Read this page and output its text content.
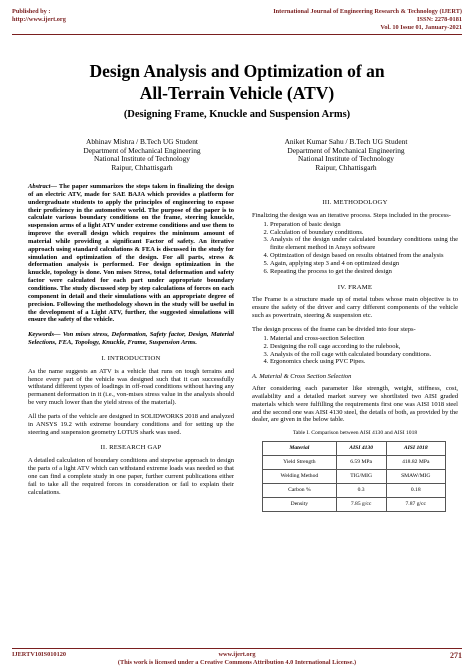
Published by :
http://www.ijert.org
International Journal of Engineering Research & Technology (IJERT)
ISSN: 2278-0181
Vol. 10 Issue 01, January-2021
Design Analysis and Optimization of an
All-Terrain Vehicle (ATV)
(Designing Frame, Knuckle and Suspension Arms)
Abhinav Mishra / B.Tech UG Student
Department of Mechanical Engineering
National Institute of Technology
Raipur, Chhattisgarh
Aniket Kumar Sahu / B.Tech UG Student
Department of Mechanical Engineering
National Institute of Technology
Raipur, Chhattisgarh
Abstract— The paper summarizes the steps taken in finalizing the design of an electric ATV, made for SAE BAJA which provides a platform for undergraduate students to apply the principles of engineering to expose their proficiency in the automotive world. The purpose of the paper is to calculate various boundary conditions on the frame, steering knuckle, suspension arms of a light ATV under extreme conditions and use them to improve the overall design which requires the minimum amount of material while providing a significant Factor of safety. An iterative approach using standard calculations & FEA is discussed in the study for simulation and optimization of the design. For all parts, stress & deformation analysis is performed. For design optimization in the knuckle, topology is done. Von mises Stress, total deformation and safety factor were calculated for each part under appropriate boundary conditions. The study discussed step by step calculations of forces on each component in detail and their simulations with an appropriate degree of precision. Following the methodology shown in the study will be useful in the development of a Light ATV, further, the suggested simulations will ensure the safety of the vehicle.
Keywords— Von mises stress, Deformation, Safety factor, Design, Material Selections, FEA, Topology, Knuckle, Frame, Suspension Arms.
I. INTRODUCTION
As the name suggests an ATV is a vehicle that runs on tough terrains and hence every part of the vehicle was designed such that it can successfully withstand different types of loadings in off-road conditions without having any permanent deformation in it (i.e., von-mises stress value in the analysis should be very much lower than the yield stress of the material).
All the parts of the vehicle are designed in SOLIDWORKS 2018 and analyzed in ANSYS 19.2 with extreme boundary conditions and for setting up the steering and suspension geometry LOTUS shark was used.
II. RESEARCH GAP
A detailed calculation of boundary conditions and stepwise approach to design the parts of a light ATV which can withstand extreme loads was needed so that one can find a complete study in one paper, further current publications either fail to take all the required forces in consideration or fail to explain their calculations.
III. METHODOLOGY
Finalizing the design was an iterative process. Steps included in the process-
1. Preparation of basic design
2. Calculation of boundary conditions.
3. Analysis of the design under calculated boundary conditions using the finite element method in Ansys software
4. Optimization of design based on results obtained from the analysis
5. Again, applying step 3 and 4 on optimized design
6. Repeating the process to get the desired design
IV. FRAME
The Frame is a structure made up of metal tubes whose main objective is to ensure the safety of the driver and carry different components of the vehicle such as powertrain, steering & suspension etc.
The design process of the frame can be divided into four steps-
1. Material and cross-section Selection
2. Designing the roll cage according to the rulebook,
3. Analysis of the roll cage with calculated boundary conditions.
4. Ergonomics check using PVC Pipes.
A. Material & Cross Section Selection
After considering each parameter like strength, weight, stiffness, cost, availability and a detailed market survey we shortlisted two AISI graded materials which were fulfilling the requirements first one was AISI 1018 steel and the second one was AISI 4130 steel, the details of both, as provided by the dealer, are given in the below table.
Table I. Comparison between AISI 4130 and AISI 1018
Material	AISI 4130	AISI 1018
Yield Strength	6.59 MPa	418.82 MPa
Welding Method	TIG/MIG	SMAW/MIG
Carbon %	0.3	0.18
Density	7.85 g/cc	7.87 g/cc
IJERTV10IS010120	www.ijert.org
(This work is licensed under a Creative Commons Attribution 4.0 International License.)
271
